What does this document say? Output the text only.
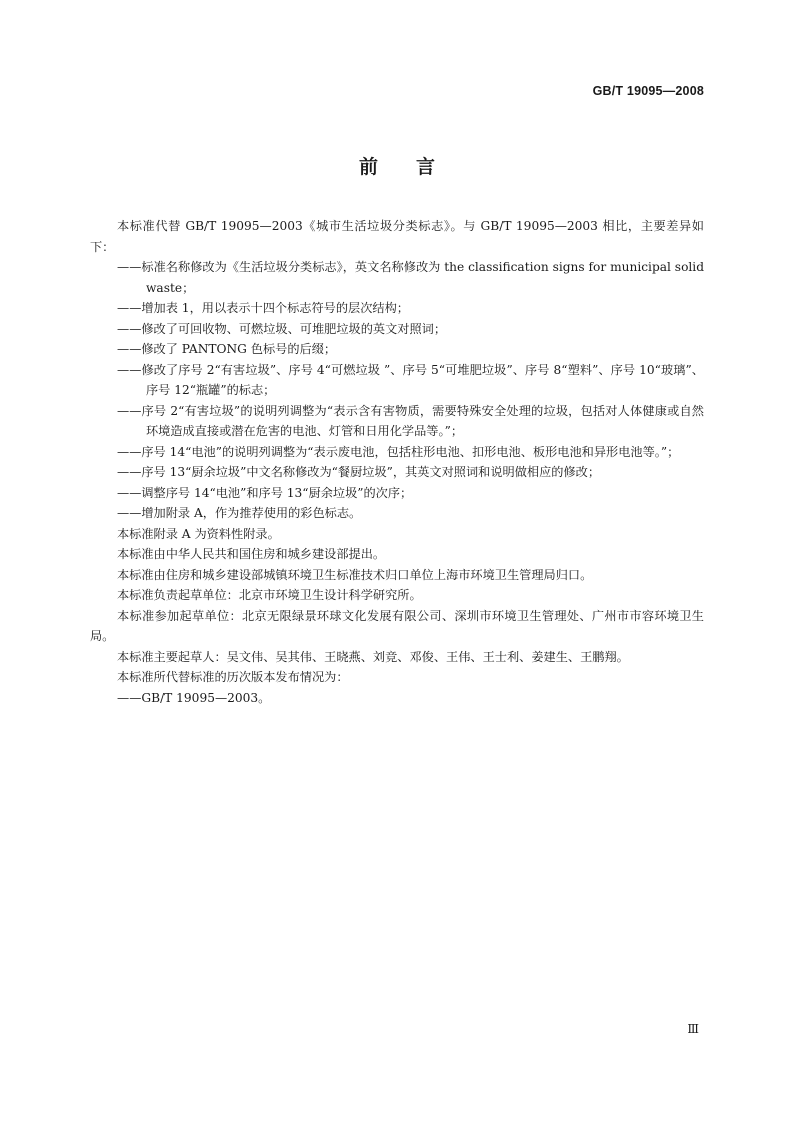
GB/T 19095—2008
前言

本标准代替 GB/T 19095—2003《城市生活垃圾分类标志》。与 GB/T 19095—2003 相比，主要差异如下：

——标准名称修改为《生活垃圾分类标志》，英文名称修改为 the classification signs for municipal solid waste；

——增加表 1，用以表示十四个标志符号的层次结构；

——修改了可回收物、可燃垃圾、可堆肥垃圾的英文对照词；

——修改了 PANTONG 色标号的后缀；

——修改了序号 2“有害垃圾”、序号 4“可燃垃圾 ”、序号 5“可堆肥垃圾”、序号 8“塑料”、序号 10“玻璃”、序号 12“瓶罐”的标志；

——序号 2“有害垃圾”的说明列调整为“表示含有害物质，需要特殊安全处理的垃圾，包括对人体健康或自然环境造成直接或潜在危害的电池、灯管和日用化学品等。”；

——序号 14“电池”的说明列调整为“表示废电池，包括柱形电池、扣形电池、板形电池和异形电池等。”；

——序号 13“厨余垃圾”中文名称修改为“餐厨垃圾”，其英文对照词和说明做相应的修改；

——调整序号 14“电池”和序号 13“厨余垃圾”的次序；

——增加附录 A，作为推荐使用的彩色标志。

本标准附录 A 为资料性附录。

本标准由中华人民共和国住房和城乡建设部提出。

本标准由住房和城乡建设部城镇环境卫生标准技术归口单位上海市环境卫生管理局归口。

本标准负责起草单位：北京市环境卫生设计科学研究所。

本标准参加起草单位：北京无限绿景环球文化发展有限公司、深圳市环境卫生管理处、广州市市容环境卫生局。

本标准主要起草人：吴文伟、吴其伟、王晓燕、刘竞、邓俊、王伟、王士利、姜建生、王鹏翔。

本标准所代替标准的历次版本发布情况为：

——GB/T 19095—2003。

Ⅲ
